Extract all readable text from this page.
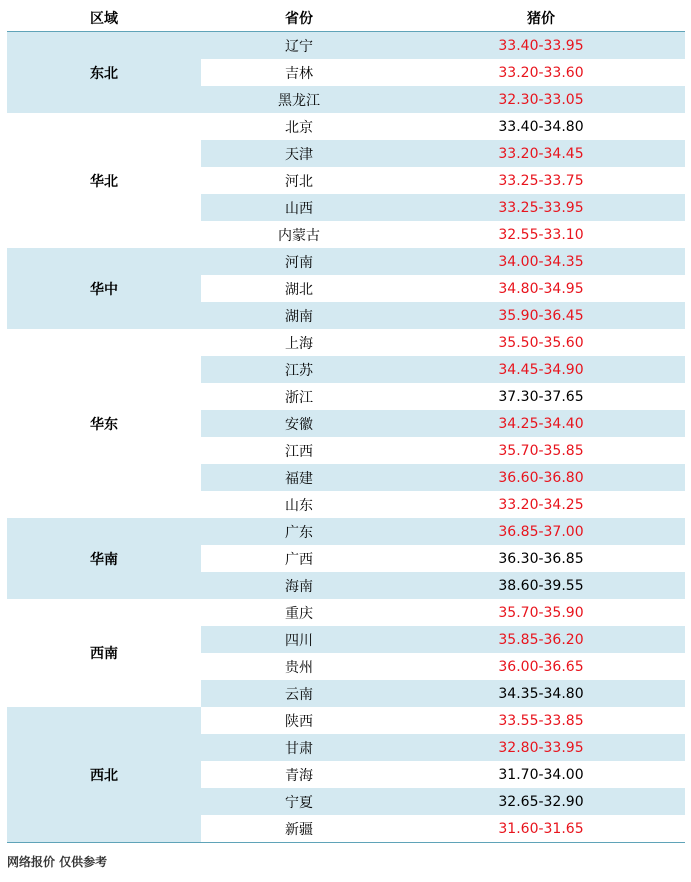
区域	省份	猪价
东北	辽宁	33.40-33.95
	吉林	33.20-33.60
	黑龙江	32.30-33.05
华北	北京	33.40-34.80
	天津	33.20-34.45
	河北	33.25-33.75
	山西	33.25-33.95
	内蒙古	32.55-33.10
华中	河南	34.00-34.35
	湖北	34.80-34.95
	湖南	35.90-36.45
华东	上海	35.50-35.60
	江苏	34.45-34.90
	浙江	37.30-37.65
	安徽	34.25-34.40
	江西	35.70-35.85
	福建	36.60-36.80
	山东	33.20-34.25
华南	广东	36.85-37.00
	广西	36.30-36.85
	海南	38.60-39.55
西南	重庆	35.70-35.90
	四川	35.85-36.20
	贵州	36.00-36.65
	云南	34.35-34.80
西北	陕西	33.55-33.85
	甘肃	32.80-33.95
	青海	31.70-34.00
	宁夏	32.65-32.90
	新疆	31.60-31.65
网络报价 仅供参考
